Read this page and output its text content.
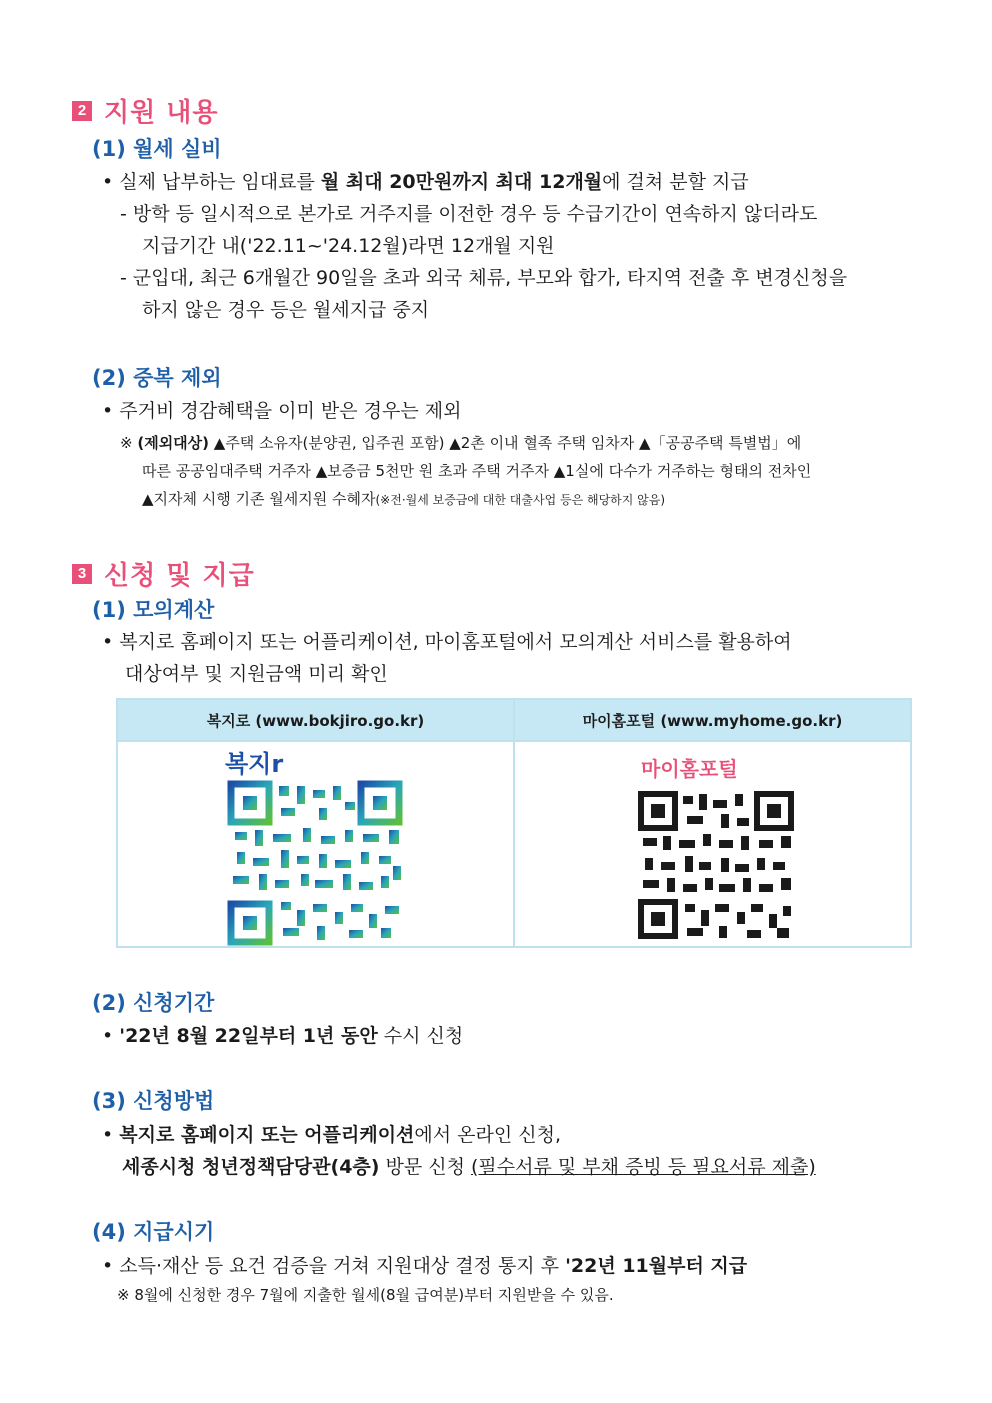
2 지원 내용
(1) 월세 실비
• 실제 납부하는 임대료를 월 최대 20만원까지 최대 12개월에 걸쳐 분할 지급
- 방학 등 일시적으로 본가로 거주지를 이전한 경우 등 수급기간이 연속하지 않더라도
지급기간 내('22.11~'24.12월)라면 12개월 지원
- 군입대, 최근 6개월간 90일을 초과 외국 체류, 부모와 합가, 타지역 전출 후 변경신청을
하지 않은 경우 등은 월세지급 중지
(2) 중복 제외
• 주거비 경감혜택을 이미 받은 경우는 제외
※ (제외대상) ▲주택 소유자(분양권, 입주권 포함) ▲2촌 이내 혈족 주택 임차자 ▲「공공주택 특별법」에
따른 공공임대주택 거주자 ▲보증금 5천만 원 초과 주택 거주자 ▲1실에 다수가 거주하는 형태의 전차인
▲지자체 시행 기존 월세지원 수혜자(※전·월세 보증금에 대한 대출사업 등은 해당하지 않음)
3 신청 및 지급
(1) 모의계산
• 복지로 홈페이지 또는 어플리케이션, 마이홈포털에서 모의계산 서비스를 활용하여
대상여부 및 지원금액 미리 확인
복지로 (www.bokjiro.go.kr)
복지r
마이홈포털 (www.myhome.go.kr)
마이홈포털
(2) 신청기간
• '22년 8월 22일부터 1년 동안 수시 신청
(3) 신청방법
• 복지로 홈페이지 또는 어플리케이션에서 온라인 신청,
세종시청 청년정책담당관(4층) 방문 신청 (필수서류 및 부채 증빙 등 필요서류 제출)
(4) 지급시기
• 소득·재산 등 요건 검증을 거쳐 지원대상 결정 통지 후 '22년 11월부터 지급
※ 8월에 신청한 경우 7월에 지출한 월세(8월 급여분)부터 지원받을 수 있음.
